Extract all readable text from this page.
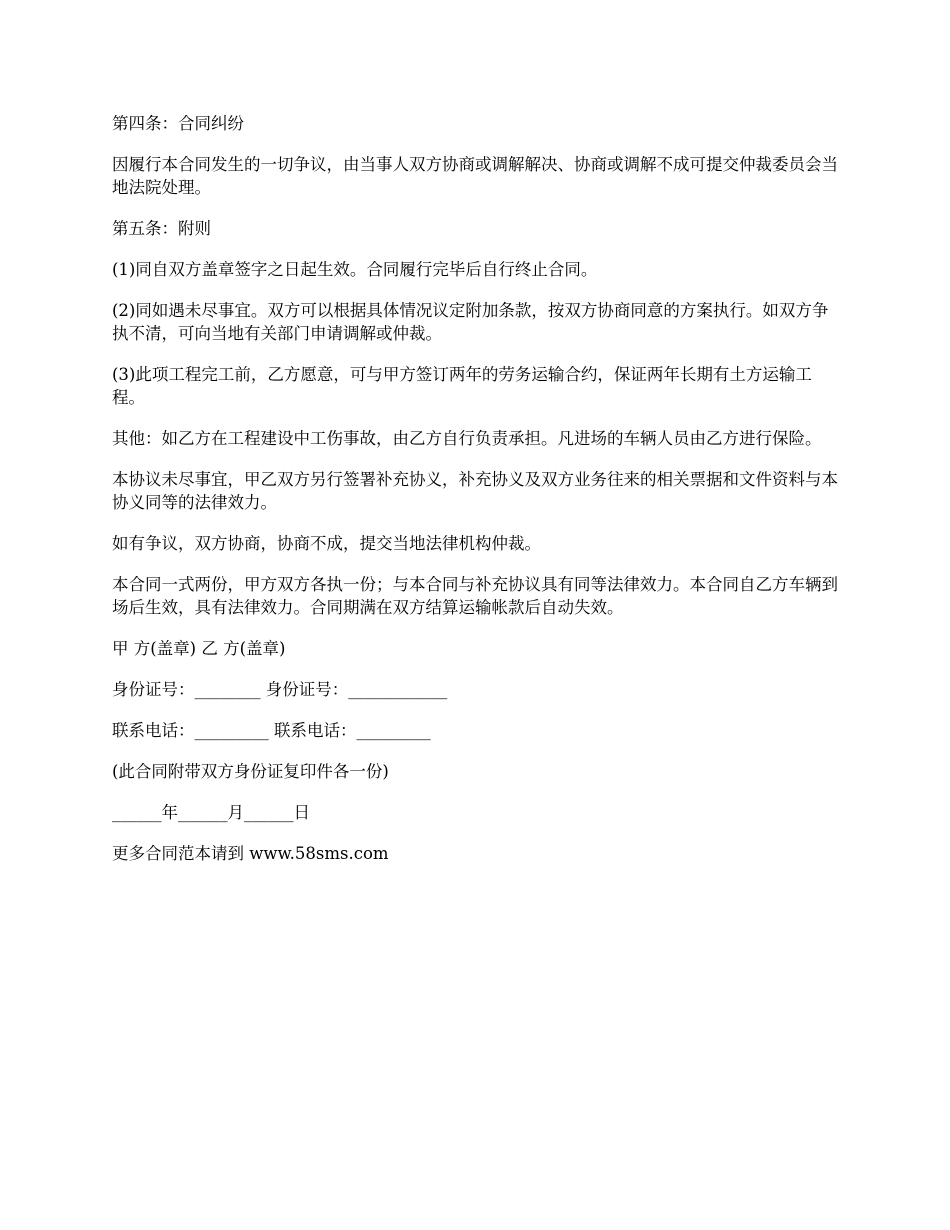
第四条：合同纠纷

因履行本合同发生的一切争议，由当事人双方协商或调解解决、协商或调解不成可提交仲裁委员会当地法院处理。

第五条：附则

(1)同自双方盖章签字之日起生效。合同履行完毕后自行终止合同。

(2)同如遇未尽事宜。双方可以根据具体情况议定附加条款，按双方协商同意的方案执行。如双方争执不清，可向当地有关部门申请调解或仲裁。

(3)此项工程完工前，乙方愿意，可与甲方签订两年的劳务运输合约，保证两年长期有土方运输工程。

其他：如乙方在工程建设中工伤事故，由乙方自行负责承担。凡进场的车辆人员由乙方进行保险。

本协议未尽事宜，甲乙双方另行签署补充协义，补充协义及双方业务往来的相关票据和文件资料与本协义同等的法律效力。

如有争议，双方协商，协商不成，提交当地法律机构仲裁。

本合同一式两份，甲方双方各执一份；与本合同与补充协议具有同等法律效力。本合同自乙方车辆到场后生效，具有法律效力。合同期满在双方结算运输帐款后自动失效。

甲 方(盖章) 乙 方(盖章)

身份证号：________ 身份证号：____________

联系电话：_________ 联系电话：_________

(此合同附带双方身份证复印件各一份)

______年______月______日

更多合同范本请到 www.58sms.com
